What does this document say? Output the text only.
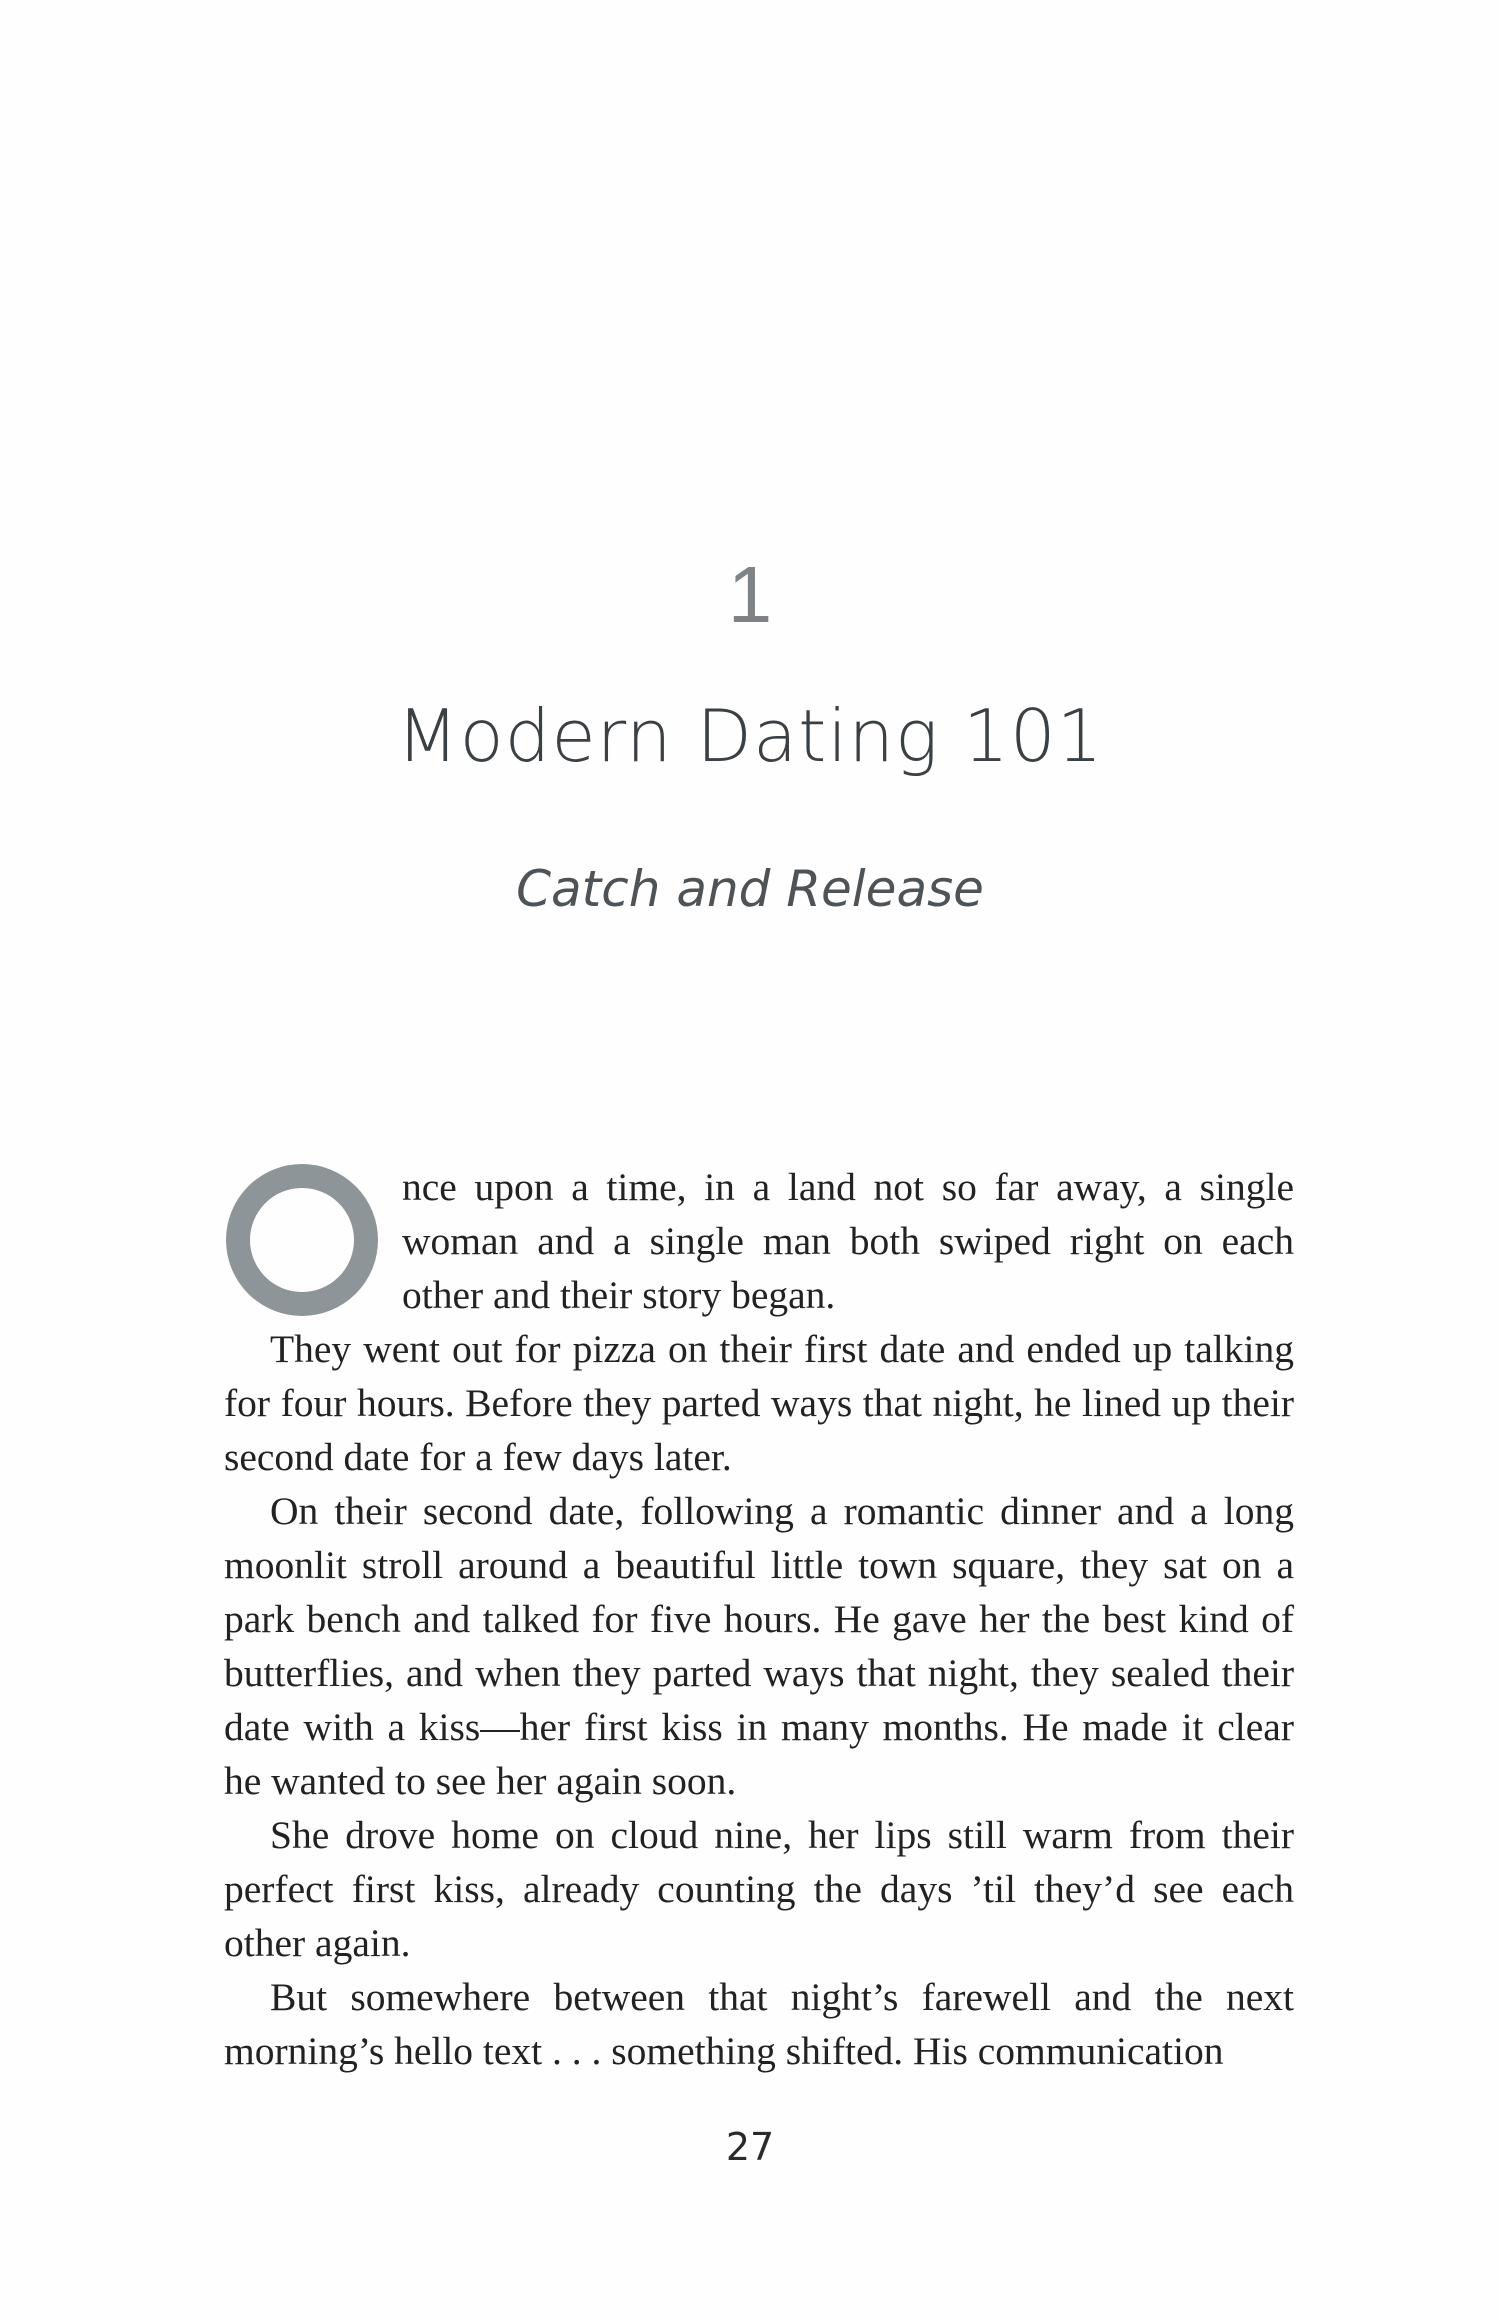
1
Modern Dating 101
Catch and Release

nce upon a time, in a land not so far away, a single woman and a single man both swiped right on each other and their story began.

They went out for pizza on their first date and ended up talking for four hours. Before they parted ways that night, he lined up their second date for a few days later.

On their second date, following a romantic dinner and a long moonlit stroll around a beautiful little town square, they sat on a park bench and talked for five hours. He gave her the best kind of butterflies, and when they parted ways that night, they sealed their date with a kiss—her first kiss in many months. He made it clear he wanted to see her again soon.

She drove home on cloud nine, her lips still warm from their perfect first kiss, already counting the days ’til they’d see each other again.

But somewhere between that night’s farewell and the next morning’s hello text . . . something shifted. His communication

27
